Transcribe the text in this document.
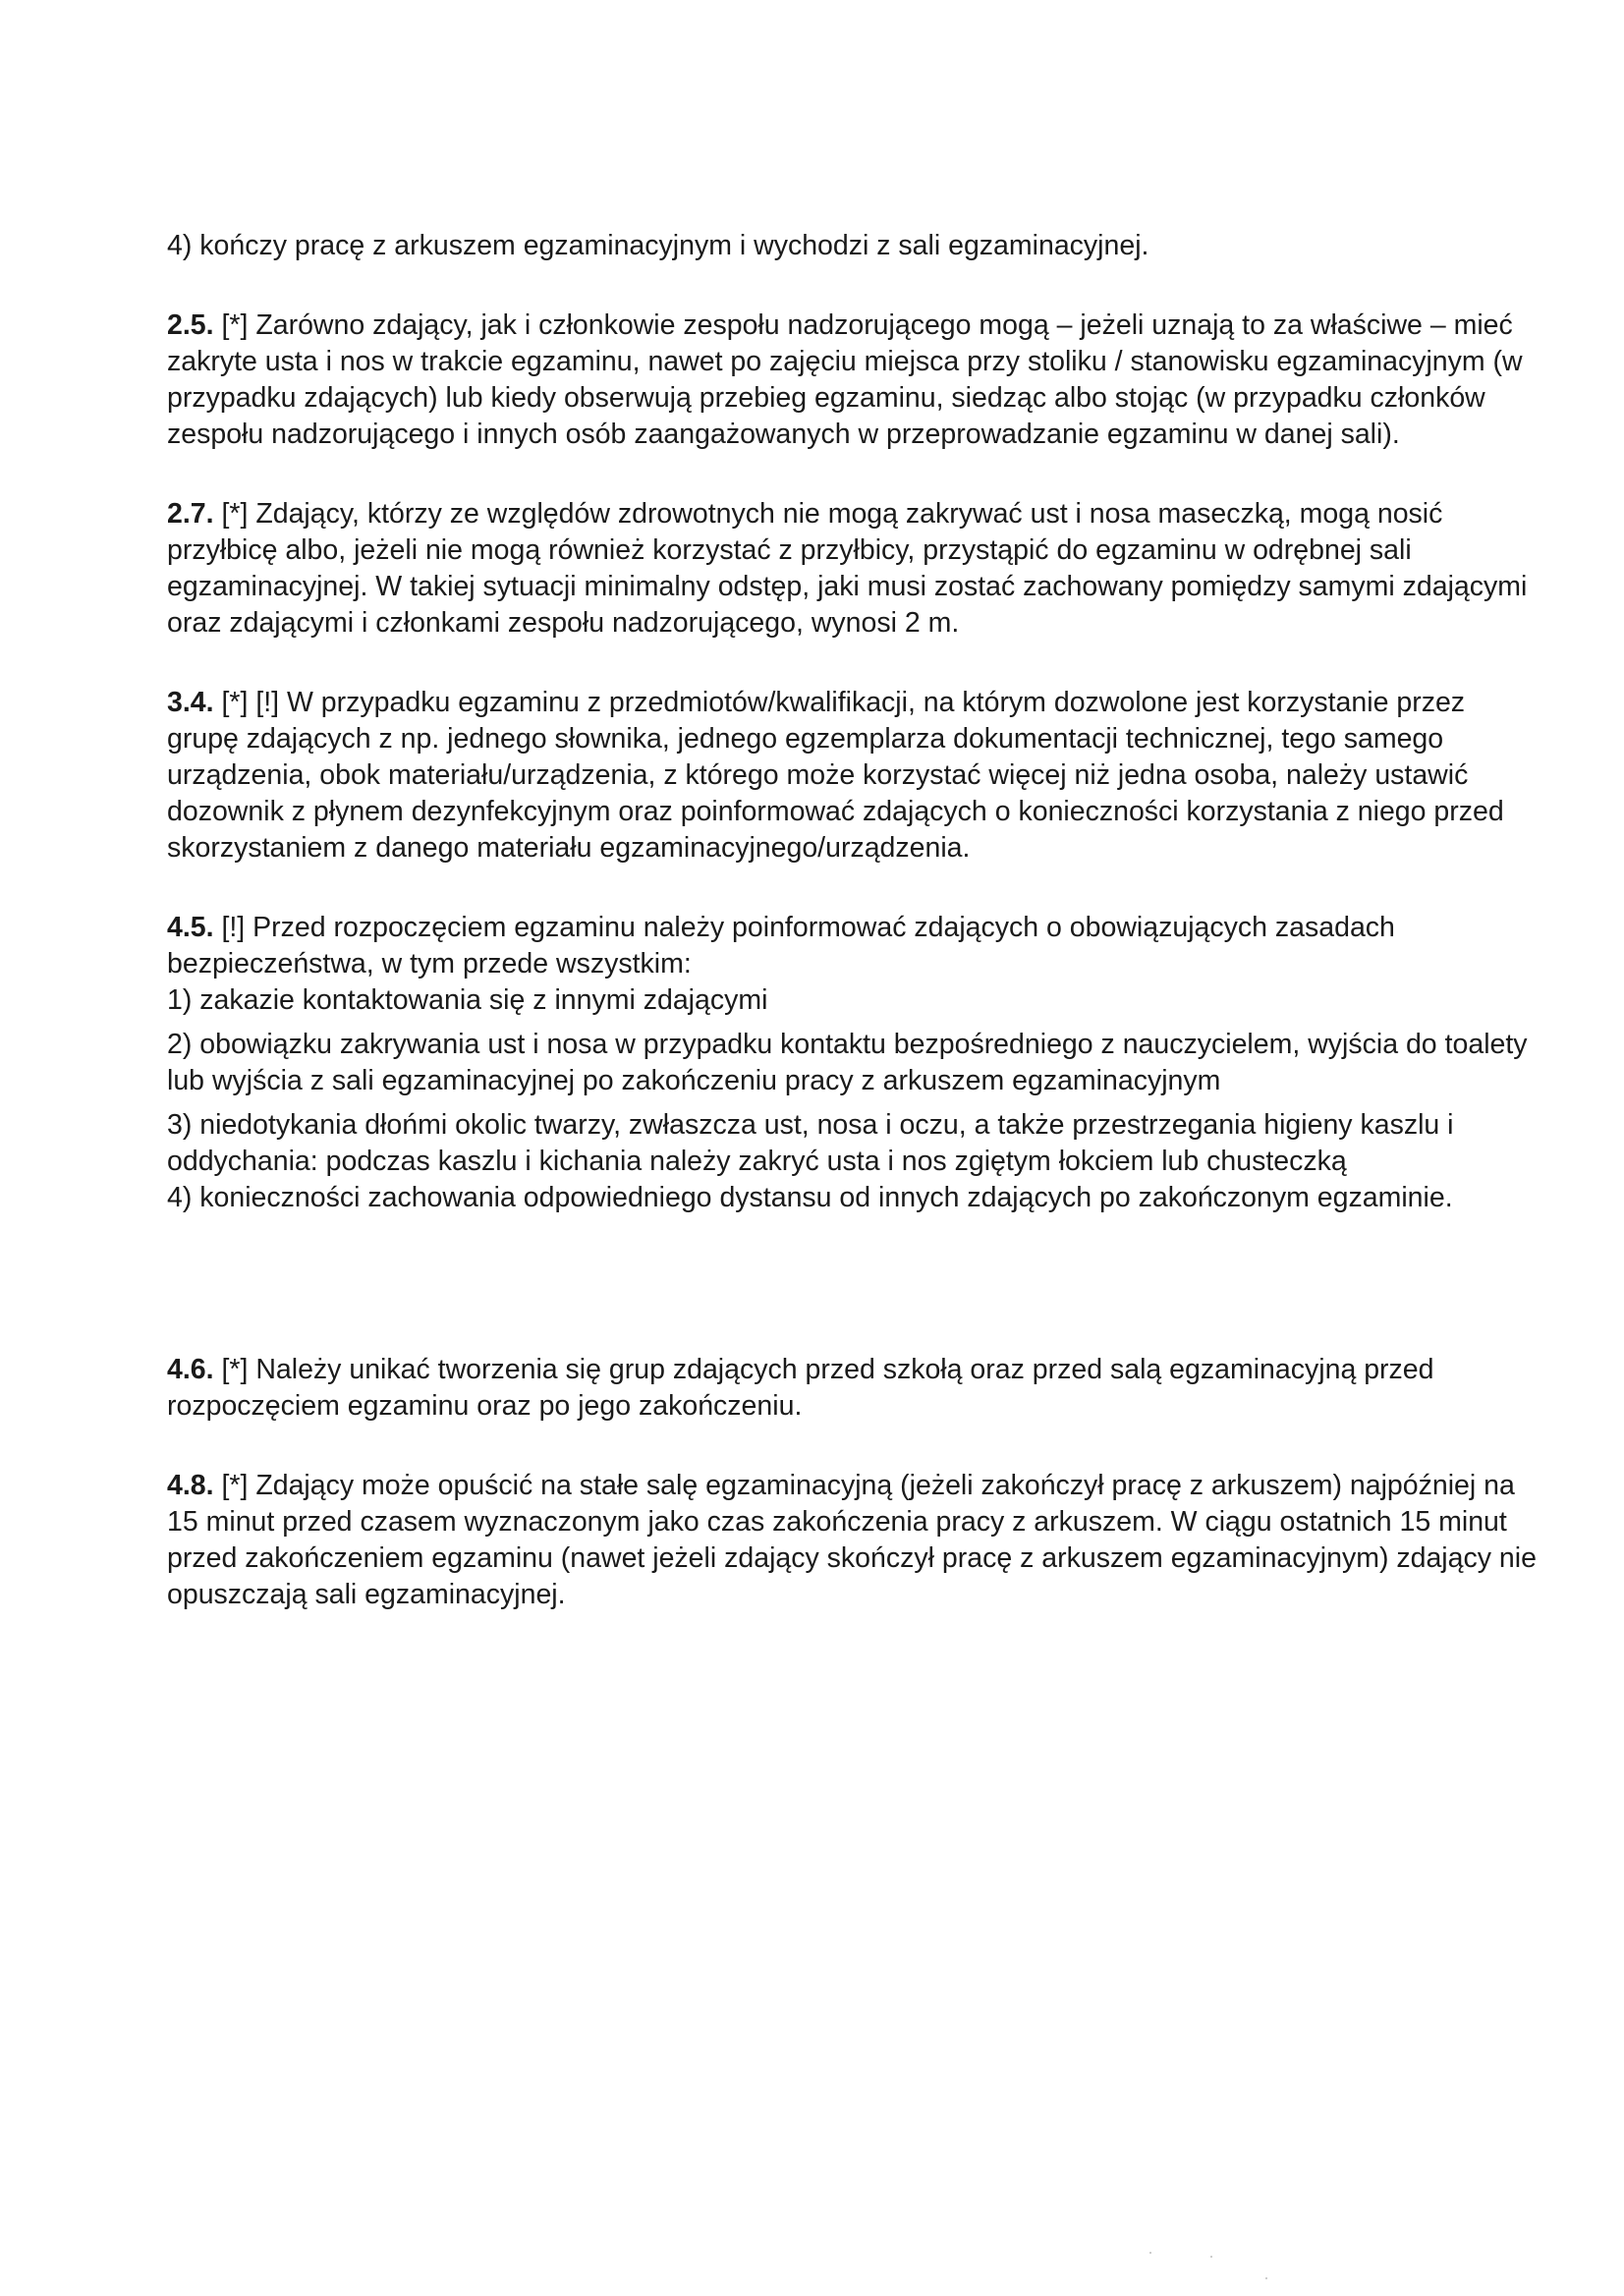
4) kończy pracę z arkuszem egzaminacyjnym i wychodzi z sali egzaminacyjnej.

2.5. [*] Zarówno zdający, jak i członkowie zespołu nadzorującego mogą – jeżeli uznają to za właściwe – mieć zakryte usta i nos w trakcie egzaminu, nawet po zajęciu miejsca przy stoliku / stanowisku egzaminacyjnym (w przypadku zdających) lub kiedy obserwują przebieg egzaminu, siedząc albo stojąc (w przypadku członków zespołu nadzorującego i innych osób zaangażowanych w przeprowadzanie egzaminu w danej sali).

2.7. [*] Zdający, którzy ze względów zdrowotnych nie mogą zakrywać ust i nosa maseczką, mogą nosić przyłbicę albo, jeżeli nie mogą również korzystać z przyłbicy, przystąpić do egzaminu w odrębnej sali egzaminacyjnej. W takiej sytuacji minimalny odstęp, jaki musi zostać zachowany pomiędzy samymi zdającymi oraz zdającymi i członkami zespołu nadzorującego, wynosi 2 m.

3.4. [*] [!] W przypadku egzaminu z przedmiotów/kwalifikacji, na którym dozwolone jest korzystanie przez grupę zdających z np. jednego słownika, jednego egzemplarza dokumentacji technicznej, tego samego urządzenia, obok materiału/urządzenia, z którego może korzystać więcej niż jedna osoba, należy ustawić dozownik z płynem dezynfekcyjnym oraz poinformować zdających o konieczności korzystania z niego przed skorzystaniem z danego materiału egzaminacyjnego/urządzenia.

4.5. [!] Przed rozpoczęciem egzaminu należy poinformować zdających o obowiązujących zasadach bezpieczeństwa, w tym przede wszystkim:

1) zakazie kontaktowania się z innymi zdającymi

2) obowiązku zakrywania ust i nosa w przypadku kontaktu bezpośredniego z nauczycielem, wyjścia do toalety lub wyjścia z sali egzaminacyjnej po zakończeniu pracy z arkuszem egzaminacyjnym

3) niedotykania dłońmi okolic twarzy, zwłaszcza ust, nosa i oczu, a także przestrzegania higieny kaszlu i oddychania: podczas kaszlu i kichania należy zakryć usta i nos zgiętym łokciem lub chusteczką

4) konieczności zachowania odpowiedniego dystansu od innych zdających po zakończonym egzaminie.

4.6. [*] Należy unikać tworzenia się grup zdających przed szkołą oraz przed salą egzaminacyjną przed rozpoczęciem egzaminu oraz po jego zakończeniu.

4.8. [*] Zdający może opuścić na stałe salę egzaminacyjną (jeżeli zakończył pracę z arkuszem) najpóźniej na 15 minut przed czasem wyznaczonym jako czas zakończenia pracy z arkuszem. W ciągu ostatnich 15 minut przed zakończeniem egzaminu (nawet jeżeli zdający skończył pracę z arkuszem egzaminacyjnym) zdający nie opuszczają sali egzaminacyjnej.
